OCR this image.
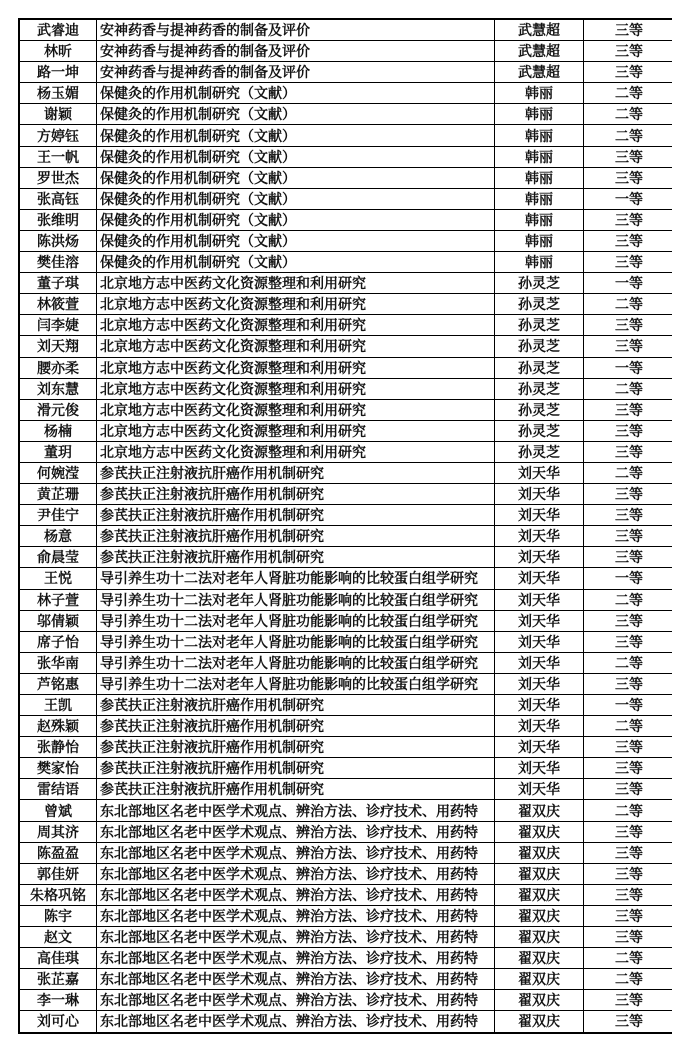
武睿迪	安神药香与提神药香的制备及评价	武慧超	三等
林昕	安神药香与提神药香的制备及评价	武慧超	三等
路一坤	安神药香与提神药香的制备及评价	武慧超	三等
杨玉媚	保健灸的作用机制研究（文献）	韩丽	二等
谢颖	保健灸的作用机制研究（文献）	韩丽	二等
方婷钰	保健灸的作用机制研究（文献）	韩丽	二等
王一帆	保健灸的作用机制研究（文献）	韩丽	三等
罗世杰	保健灸的作用机制研究（文献）	韩丽	三等
张高钰	保健灸的作用机制研究（文献）	韩丽	一等
张维明	保健灸的作用机制研究（文献）	韩丽	三等
陈洪炀	保健灸的作用机制研究（文献）	韩丽	三等
樊佳溶	保健灸的作用机制研究（文献）	韩丽	三等
董子琪	北京地方志中医药文化资源整理和利用研究	孙灵芝	一等
林筱萱	北京地方志中医药文化资源整理和利用研究	孙灵芝	二等
闫李婕	北京地方志中医药文化资源整理和利用研究	孙灵芝	三等
刘天翔	北京地方志中医药文化资源整理和利用研究	孙灵芝	三等
腰亦柔	北京地方志中医药文化资源整理和利用研究	孙灵芝	一等
刘东慧	北京地方志中医药文化资源整理和利用研究	孙灵芝	二等
滑元俊	北京地方志中医药文化资源整理和利用研究	孙灵芝	三等
杨楠	北京地方志中医药文化资源整理和利用研究	孙灵芝	三等
董玥	北京地方志中医药文化资源整理和利用研究	孙灵芝	三等
何婉滢	参芪扶正注射液抗肝癌作用机制研究	刘天华	二等
黄芷珊	参芪扶正注射液抗肝癌作用机制研究	刘天华	三等
尹佳宁	参芪扶正注射液抗肝癌作用机制研究	刘天华	三等
杨意	参芪扶正注射液抗肝癌作用机制研究	刘天华	三等
俞晨莹	参芪扶正注射液抗肝癌作用机制研究	刘天华	三等
王悦	导引养生功十二法对老年人肾脏功能影响的比较蛋白组学研究	刘天华	一等
林子萱	导引养生功十二法对老年人肾脏功能影响的比较蛋白组学研究	刘天华	二等
邬倩颖	导引养生功十二法对老年人肾脏功能影响的比较蛋白组学研究	刘天华	三等
席子怡	导引养生功十二法对老年人肾脏功能影响的比较蛋白组学研究	刘天华	三等
张华南	导引养生功十二法对老年人肾脏功能影响的比较蛋白组学研究	刘天华	二等
芦铭惠	导引养生功十二法对老年人肾脏功能影响的比较蛋白组学研究	刘天华	三等
王凯	参芪扶正注射液抗肝癌作用机制研究	刘天华	一等
赵殊颖	参芪扶正注射液抗肝癌作用机制研究	刘天华	二等
张静怡	参芪扶正注射液抗肝癌作用机制研究	刘天华	三等
樊家怡	参芪扶正注射液抗肝癌作用机制研究	刘天华	三等
雷结语	参芪扶正注射液抗肝癌作用机制研究	刘天华	三等
曾斌	东北部地区名老中医学术观点、辨治方法、诊疗技术、用药特	翟双庆	二等
周其济	东北部地区名老中医学术观点、辨治方法、诊疗技术、用药特	翟双庆	三等
陈盈盈	东北部地区名老中医学术观点、辨治方法、诊疗技术、用药特	翟双庆	三等
郭佳妍	东北部地区名老中医学术观点、辨治方法、诊疗技术、用药特	翟双庆	三等
朱格巩铭	东北部地区名老中医学术观点、辨治方法、诊疗技术、用药特	翟双庆	三等
陈宇	东北部地区名老中医学术观点、辨治方法、诊疗技术、用药特	翟双庆	三等
赵文	东北部地区名老中医学术观点、辨治方法、诊疗技术、用药特	翟双庆	三等
高佳琪	东北部地区名老中医学术观点、辨治方法、诊疗技术、用药特	翟双庆	二等
张芷嘉	东北部地区名老中医学术观点、辨治方法、诊疗技术、用药特	翟双庆	二等
李一琳	东北部地区名老中医学术观点、辨治方法、诊疗技术、用药特	翟双庆	三等
刘可心	东北部地区名老中医学术观点、辨治方法、诊疗技术、用药特	翟双庆	三等
